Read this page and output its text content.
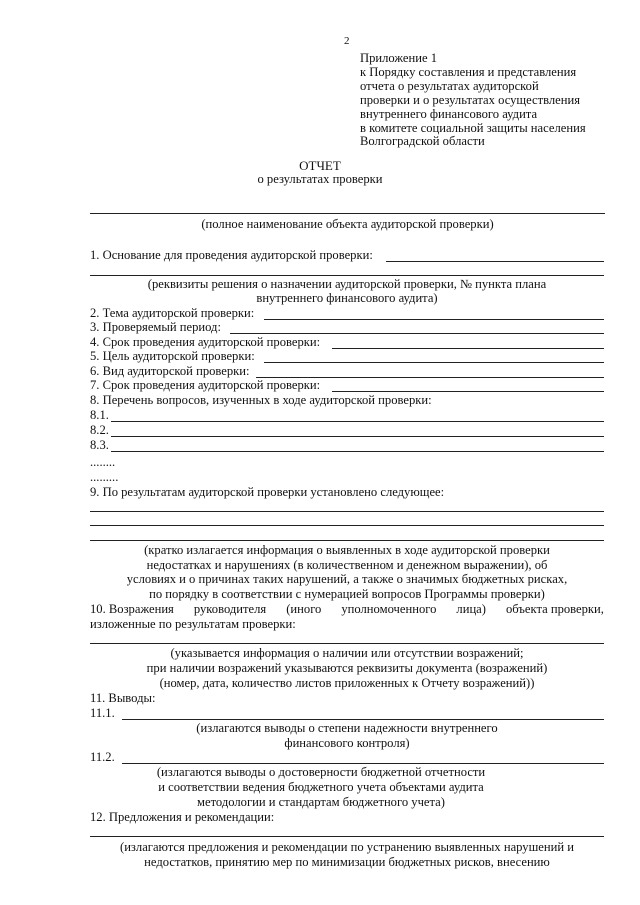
2
Приложение 1
к Порядку составления и представления
отчета о результатах аудиторской
проверки и о результатах осуществления
внутреннего финансового аудита
в комитете социальной защиты населения
Волгоградской области
ОТЧЕТ
о результатах проверки
(полное наименование объекта аудиторской проверки)
1. Основание для проведения аудиторской проверки:
(реквизиты решения о назначении аудиторской проверки, № пункта плана
внутреннего финансового аудита)
2. Тема аудиторской проверки:
3. Проверяемый период:
4. Срок проведения аудиторской проверки:
5. Цель аудиторской проверки:
6. Вид аудиторской проверки:
7. Срок проведения аудиторской проверки:
8. Перечень вопросов, изученных в ходе аудиторской проверки:
8.1.
8.2.
8.3.
........
.........
9. По результатам аудиторской проверки установлено следующее:
(кратко излагается информация о выявленных в ходе аудиторской проверки
недостатках и нарушениях (в количественном и денежном выражении), об
условиях и о причинах таких нарушений, а также о значимых бюджетных рисках,
по порядку в соответствии с нумерацией вопросов Программы проверки)
10. Возражения руководителя (иного уполномоченного лица) объекта проверки,
изложенные по результатам проверки:
(указывается информация о наличии или отсутствии возражений;
при наличии возражений указываются реквизиты документа (возражений)
(номер, дата, количество листов приложенных к Отчету возражений))
11. Выводы:
11.1.
(излагаются выводы о степени надежности внутреннего
финансового контроля)
11.2.
(излагаются выводы о достоверности бюджетной отчетности
и соответствии ведения бюджетного учета объектами аудита
методологии и стандартам бюджетного учета)
12. Предложения и рекомендации:
(излагаются предложения и рекомендации по устранению выявленных нарушений и
недостатков, принятию мер по минимизации бюджетных рисков, внесению
